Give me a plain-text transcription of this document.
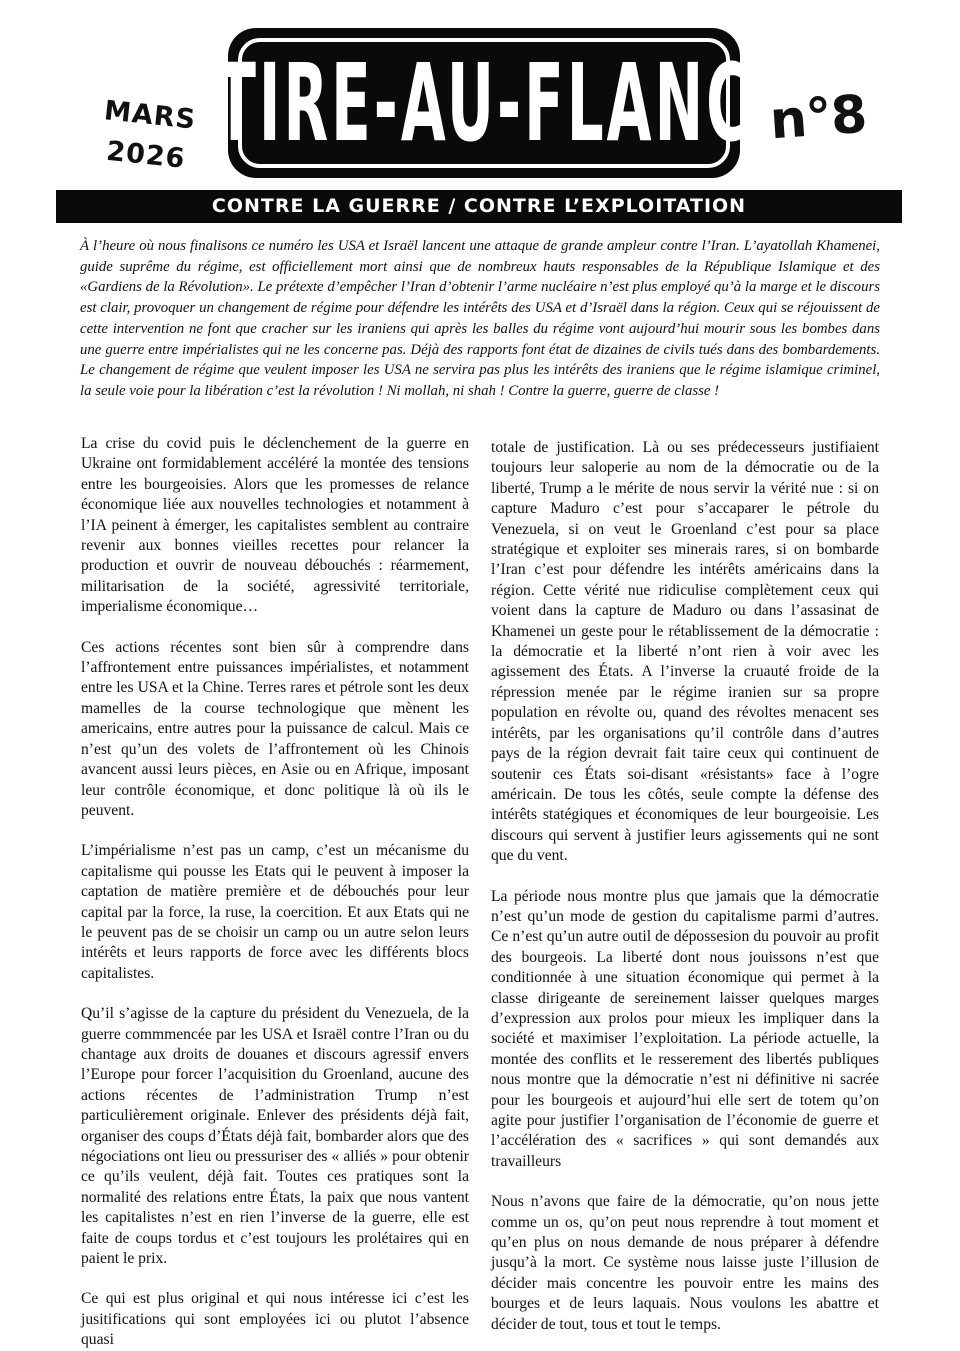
MARS 2026 TIRE-AU-FLANC n°8
CONTRE LA GUERRE / CONTRE L’EXPLOITATION

À l’heure où nous finalisons ce numéro les USA et Israël lancent une attaque de grande ampleur contre l’Iran. L’ayatollah Khamenei, guide suprême du régime, est officiellement mort ainsi que de nombreux hauts responsables de la République Islamique et des «Gardiens de la Révolution». Le prétexte d’empêcher l’Iran d’obtenir l’arme nucléaire n’est plus employé qu’à la marge et le discours est clair, provoquer un changement de régime pour défendre les intérêts des USA et d’Israël dans la région. Ceux qui se réjouissent de cette intervention ne font que cracher sur les iraniens qui après les balles du régime vont aujourd’hui mourir sous les bombes dans une guerre entre impérialistes qui ne les concerne pas. Déjà des rapports font état de dizaines de civils tués dans des bombardements. Le changement de régime que veulent imposer les USA ne servira pas plus les intérêts des iraniens que le régime islamique criminel, la seule voie pour la libération c’est la révolution ! Ni mollah, ni shah ! Contre la guerre, guerre de classe !

La crise du covid puis le déclenchement de la guerre en Ukraine ont formidablement accéléré la montée des tensions entre les bourgeoisies. Alors que les promesses de relance économique liée aux nouvelles technologies et notamment à l’IA peinent à émerger, les capitalistes semblent au contraire revenir aux bonnes vieilles recettes pour relancer la production et ouvrir de nouveau débouchés : réarmement, militarisation de la société, agressivité territoriale, imperialisme économique…

Ces actions récentes sont bien sûr à comprendre dans l’affrontement entre puissances impérialistes, et notamment entre les USA et la Chine. Terres rares et pétrole sont les deux mamelles de la course technologique que mènent les americains, entre autres pour la puissance de calcul. Mais ce n’est qu’un des volets de l’affrontement où les Chinois avancent aussi leurs pièces, en Asie ou en Afrique, imposant leur contrôle économique, et donc politique là où ils le peuvent.

L’impérialisme n’est pas un camp, c’est un mécanisme du capitalisme qui pousse les Etats qui le peuvent à imposer la captation de matière première et de débouchés pour leur capital par la force, la ruse, la coercition. Et aux Etats qui ne le peuvent pas de se choisir un camp ou un autre selon leurs intérêts et leurs rapports de force avec les différents blocs capitalistes.

Qu’il s’agisse de la capture du président du Venezuela, de la guerre commmencée par les USA et Israël contre l’Iran ou du chantage aux droits de douanes et discours agressif envers l’Europe pour forcer l’acquisition du Groenland, aucune des actions récentes de l’administration Trump n’est particulièrement originale. Enlever des présidents déjà fait, organiser des coups d’États déjà fait, bombarder alors que des négociations ont lieu ou pressuriser des « alliés » pour obtenir ce qu’ils veulent, déjà fait. Toutes ces pratiques sont la normalité des relations entre États, la paix que nous vantent les capitalistes n’est en rien l’inverse de la guerre, elle est faite de coups tordus et c’est toujours les prolétaires qui en paient le prix.

Ce qui est plus original et qui nous intéresse ici c’est les jusitifications qui sont employées ici ou plutot l’absence quasi

totale de justification. Là ou ses prédecesseurs justifiaient toujours leur saloperie au nom de la démocratie ou de la liberté, Trump a le mérite de nous servir la vérité nue : si on capture Maduro c’est pour s’accaparer le pétrole du Venezuela, si on veut le Groenland c’est pour sa place stratégique et exploiter ses minerais rares, si on bombarde l’Iran c’est pour défendre les intérêts américains dans la région. Cette vérité nue ridiculise complètement ceux qui voient dans la capture de Maduro ou dans l’assasinat de Khamenei un geste pour le rétablissement de la démocratie : la démocratie et la liberté n’ont rien à voir avec les agissement des États. A l’inverse la cruauté froide de la répression menée par le régime iranien sur sa propre population en révolte ou, quand des révoltes menacent ses intérêts, par les organisations qu’il contrôle dans d’autres pays de la région devrait fait taire ceux qui continuent de soutenir ces États soi-disant «résistants» face à l’ogre américain. De tous les côtés, seule compte la défense des intérêts statégiques et économiques de leur bourgeoisie. Les discours qui servent à justifier leurs agissements qui ne sont que du vent.

La période nous montre plus que jamais que la démocratie n’est qu’un mode de gestion du capitalisme parmi d’autres. Ce n’est qu’un autre outil de dépossesion du pouvoir au profit des bourgeois. La liberté dont nous jouissons n’est que conditionnée à une situation économique qui permet à la classe dirigeante de sereinement laisser quelques marges d’expression aux prolos pour mieux les impliquer dans la société et maximiser l’exploitation. La période actuelle, la montée des conflits et le resserement des libertés publiques nous montre que la démocratie n’est ni définitive ni sacrée pour les bourgeois et aujourd’hui elle sert de totem qu’on agite pour justifier l’organisation de l’économie de guerre et l’accélération des « sacrifices » qui sont demandés aux travailleurs

Nous n’avons que faire de la démocratie, qu’on nous jette comme un os, qu’on peut nous reprendre à tout moment et qu’en plus on nous demande de nous préparer à défendre jusqu’à la mort. Ce système nous laisse juste l’illusion de décider mais concentre les pouvoir entre les mains des bourges et de leurs laquais. Nous voulons les abattre et décider de tout, tous et tout le temps.
